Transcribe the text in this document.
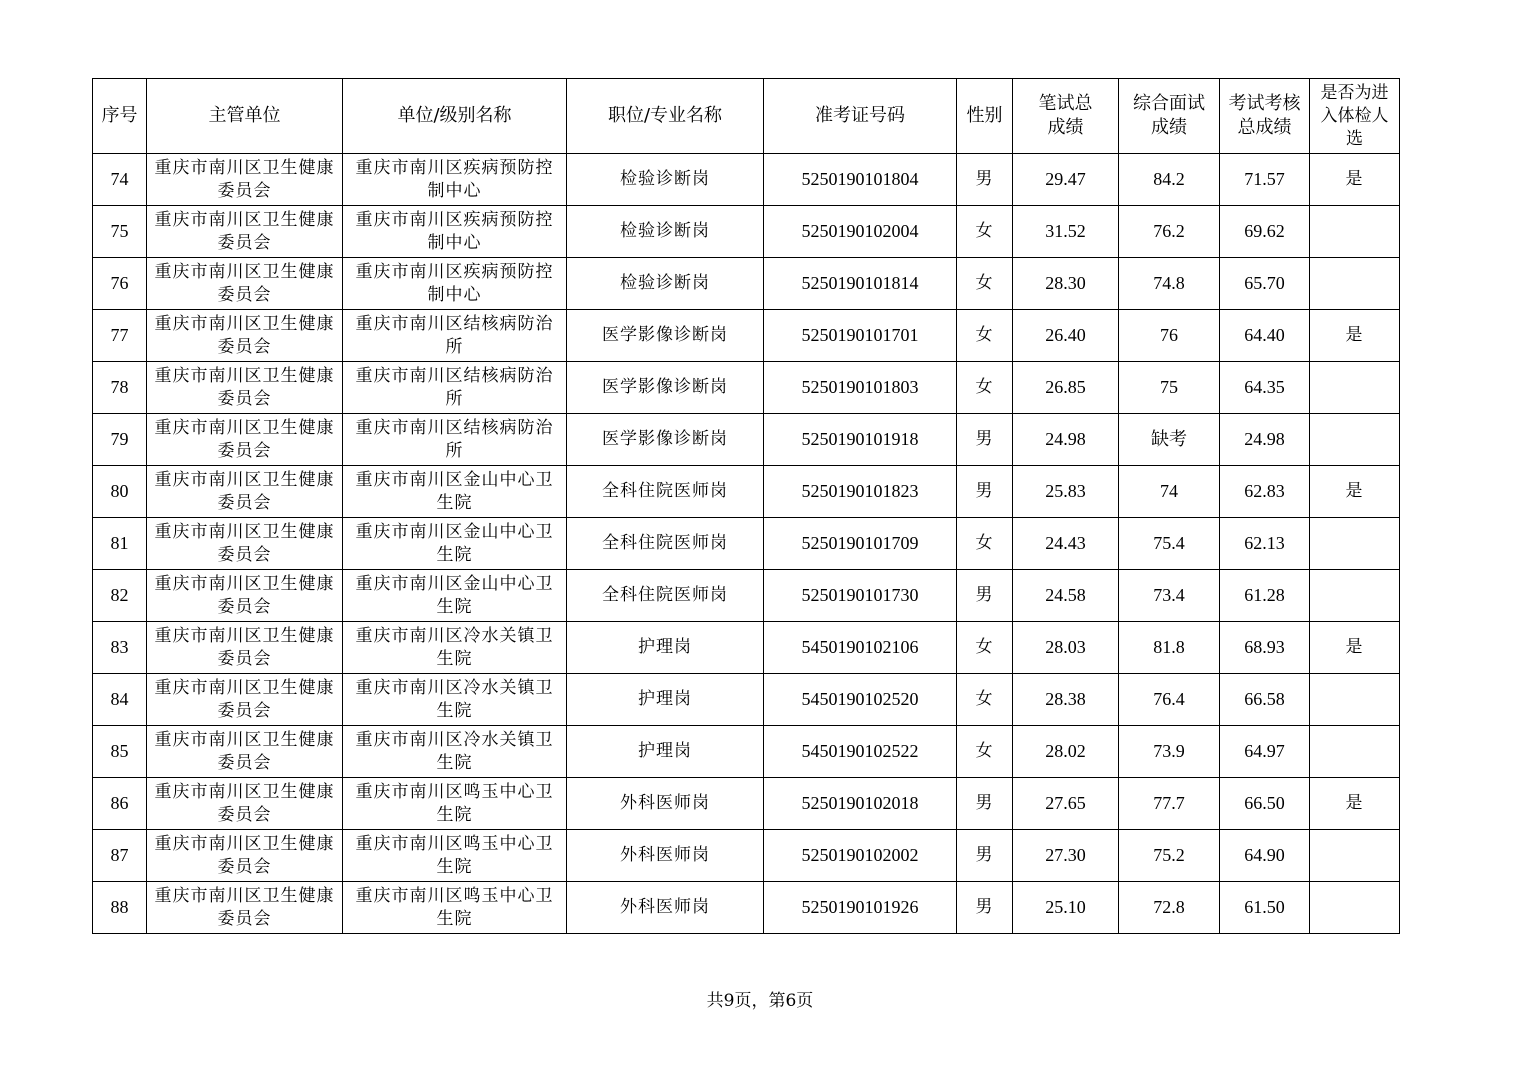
序号	主管单位	单位/级别名称	职位/专业名称	准考证号码	性别	笔试总成绩	综合面试成绩	考试考核总成绩	是否为进入体检人选

74	重庆市南川区卫生健康委员会	重庆市南川区疾病预防控制中心	检验诊断岗	5250190101804	男	29.47	84.2	71.57	是
75	重庆市南川区卫生健康委员会	重庆市南川区疾病预防控制中心	检验诊断岗	5250190102004	女	31.52	76.2	69.62	
76	重庆市南川区卫生健康委员会	重庆市南川区疾病预防控制中心	检验诊断岗	5250190101814	女	28.30	74.8	65.70	
77	重庆市南川区卫生健康委员会	重庆市南川区结核病防治所	医学影像诊断岗	5250190101701	女	26.40	76	64.40	是
78	重庆市南川区卫生健康委员会	重庆市南川区结核病防治所	医学影像诊断岗	5250190101803	女	26.85	75	64.35	
79	重庆市南川区卫生健康委员会	重庆市南川区结核病防治所	医学影像诊断岗	5250190101918	男	24.98	缺考	24.98	
80	重庆市南川区卫生健康委员会	重庆市南川区金山中心卫生院	全科住院医师岗	5250190101823	男	25.83	74	62.83	是
81	重庆市南川区卫生健康委员会	重庆市南川区金山中心卫生院	全科住院医师岗	5250190101709	女	24.43	75.4	62.13	
82	重庆市南川区卫生健康委员会	重庆市南川区金山中心卫生院	全科住院医师岗	5250190101730	男	24.58	73.4	61.28	
83	重庆市南川区卫生健康委员会	重庆市南川区冷水关镇卫生院	护理岗	5450190102106	女	28.03	81.8	68.93	是
84	重庆市南川区卫生健康委员会	重庆市南川区冷水关镇卫生院	护理岗	5450190102520	女	28.38	76.4	66.58	
85	重庆市南川区卫生健康委员会	重庆市南川区冷水关镇卫生院	护理岗	5450190102522	女	28.02	73.9	64.97	
86	重庆市南川区卫生健康委员会	重庆市南川区鸣玉中心卫生院	外科医师岗	5250190102018	男	27.65	77.7	66.50	是
87	重庆市南川区卫生健康委员会	重庆市南川区鸣玉中心卫生院	外科医师岗	5250190102002	男	27.30	75.2	64.90	
88	重庆市南川区卫生健康委员会	重庆市南川区鸣玉中心卫生院	外科医师岗	5250190101926	男	25.10	72.8	61.50	
共9页，第6页
